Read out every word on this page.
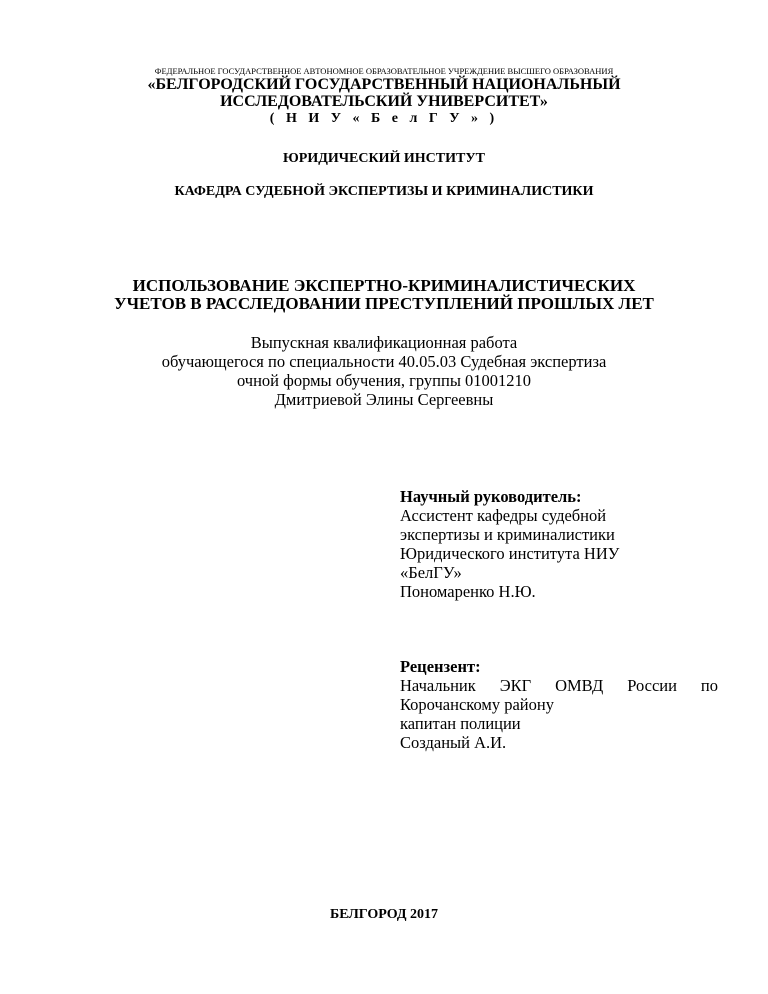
ФЕДЕРАЛЬНОЕ ГОСУДАРСТВЕННОЕ АВТОНОМНОЕ ОБРАЗОВАТЕЛЬНОЕ УЧРЕЖДЕНИЕ ВЫСШЕГО ОБРАЗОВАНИЯ
«БЕЛГОРОДСКИЙ ГОСУДАРСТВЕННЫЙ НАЦИОНАЛЬНЫЙ
ИССЛЕДОВАТЕЛЬСКИЙ УНИВЕРСИТЕТ»
( Н И У « Б е л Г У » )
ЮРИДИЧЕСКИЙ ИНСТИТУТ
КАФЕДРА СУДЕБНОЙ ЭКСПЕРТИЗЫ И КРИМИНАЛИСТИКИ
ИСПОЛЬЗОВАНИЕ ЭКСПЕРТНО-КРИМИНАЛИСТИЧЕСКИХ
УЧЕТОВ В РАССЛЕДОВАНИИ ПРЕСТУПЛЕНИЙ ПРОШЛЫХ ЛЕТ
Выпускная квалификационная работа
обучающегося по специальности 40.05.03 Судебная экспертиза
очной формы обучения, группы 01001210
Дмитриевой Элины Сергеевны
Научный руководитель:
Ассистент кафедры судебной
экспертизы и криминалистики
Юридического института НИУ
«БелГУ»
Пономаренко Н.Ю.
Рецензент:
Начальник ЭКГ ОМВД России по
Корочанскому району
капитан полиции
Созданый А.И.
БЕЛГОРОД 2017
